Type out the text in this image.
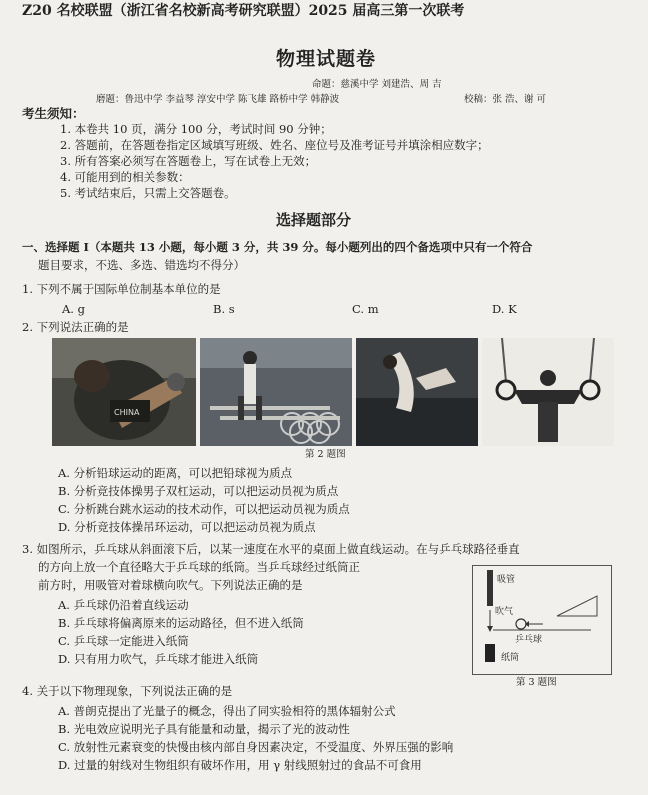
Z20 名校联盟（浙江省名校新高考研究联盟）2025 届高三第一次联考
物理试题卷
命题：慈溪中学 刘建浩、周 吉
磨题：鲁迅中学 李益琴 淳安中学 陈飞雄 路桥中学 韩静波	校稿：张 浩、谢 可
考生须知：
1. 本卷共 10 页，满分 100 分，考试时间 90 分钟；
2. 答题前，在答题卷指定区域填写班级、姓名、座位号及准考证号并填涂相应数字；
3. 所有答案必须写在答题卷上，写在试卷上无效；
4. 可能用到的相关参数：
5. 考试结束后，只需上交答题卷。
选择题部分
一、选择题 I（本题共 13 小题，每小题 3 分，共 39 分。每小题列出的四个备选项中只有一个符合
题目要求，不选、多选、错选均不得分）
1. 下列不属于国际单位制基本单位的是
A. g	B. s	C. m	D. K
2. 下列说法正确的是
CHINA
第 2 题图
A. 分析铅球运动的距离，可以把铅球视为质点
B. 分析竞技体操男子双杠运动，可以把运动员视为质点
C. 分析跳台跳水运动的技术动作，可以把运动员视为质点
D. 分析竞技体操吊环运动，可以把运动员视为质点
3. 如图所示，乒乓球从斜面滚下后，以某一速度在水平的桌面上做直线运动。在与乒乓球路径垂直
的方向上放一个直径略大于乒乓球的纸筒。当乒乓球经过纸筒正
前方时，用吸管对着球横向吹气。下列说法正确的是
A. 乒乓球仍沿着直线运动
B. 乒乓球将偏离原来的运动路径，但不进入纸筒
C. 乒乓球一定能进入纸筒
D. 只有用力吹气，乒乓球才能进入纸筒
吸管
吹气
乒乓球
纸筒
第 3 题图
4. 关于以下物理现象，下列说法正确的是
A. 普朗克提出了光量子的概念，得出了同实验相符的黑体辐射公式
B. 光电效应说明光子具有能量和动量，揭示了光的波动性
C. 放射性元素衰变的快慢由核内部自身因素决定，不受温度、外界压强的影响
D. 过量的射线对生物组织有破坏作用，用 γ 射线照射过的食品不可食用
